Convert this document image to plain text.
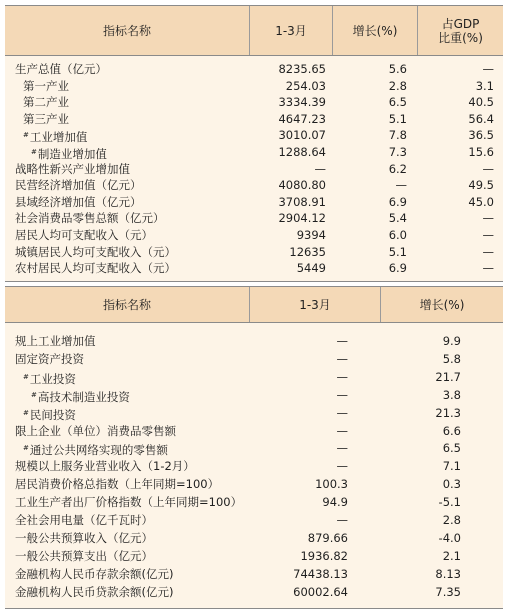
指标名称	1-3月	增长(%)	占GDP
比重(%)
生产总值（亿元）	8235.65	5.6	—
第一产业	254.03	2.8	3.1
第二产业	3334.39	6.5	40.5
第三产业	4647.23	5.1	56.4
#工业增加值	3010.07	7.8	36.5
#制造业增加值	1288.64	7.3	15.6
战略性新兴产业增加值	—	6.2	—
民营经济增加值（亿元）	4080.80	—	49.5
县域经济增加值（亿元）	3708.91	6.9	45.0
社会消费品零售总额（亿元）	2904.12	5.4	—
居民人均可支配收入（元）	9394	6.0	—
城镇居民人均可支配收入（元）	12635	5.1	—
农村居民人均可支配收入（元）	5449	6.9	—
指标名称	1-3月	增长(%)
规上工业增加值	—	9.9
固定资产投资	—	5.8
#工业投资	—	21.7
#高技术制造业投资	—	3.8
#民间投资	—	21.3
限上企业（单位）消费品零售额	—	6.6
#通过公共网络实现的零售额	—	6.5
规模以上服务业营业收入（1-2月）	—	7.1
居民消费价格总指数（上年同期=100）	100.3	0.3
工业生产者出厂价格指数（上年同期=100）	94.9	-5.1
全社会用电量（亿千瓦时）	—	2.8
一般公共预算收入（亿元）	879.66	-4.0
一般公共预算支出（亿元）	1936.82	2.1
金融机构人民币存款余额(亿元)	74438.13	8.13
金融机构人民币贷款余额(亿元)	60002.64	7.35
